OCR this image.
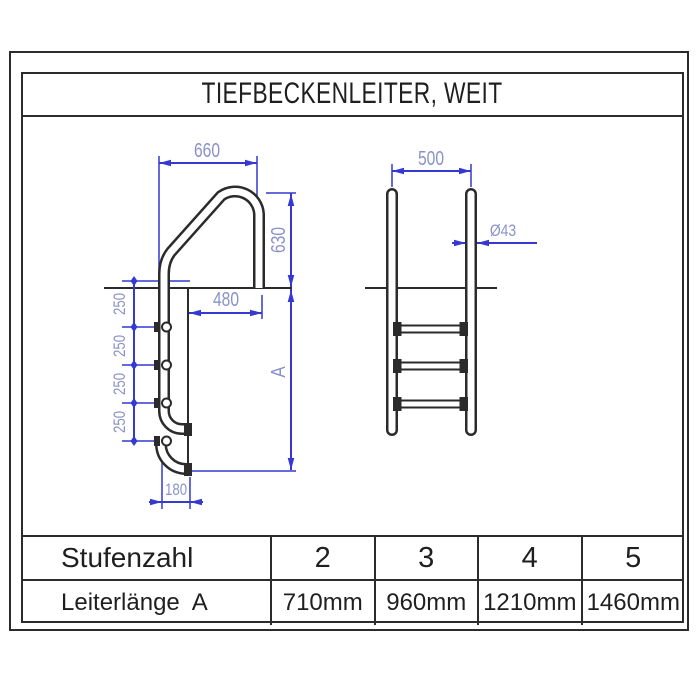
660
630
480
A
250
250
250
250
180
500
Ø43
TIEFBECKENLEITER, WEIT
Stufenzahl	2	3	4	5
Leiterlänge  A	710mm 960mm 1210mm 1460mm
